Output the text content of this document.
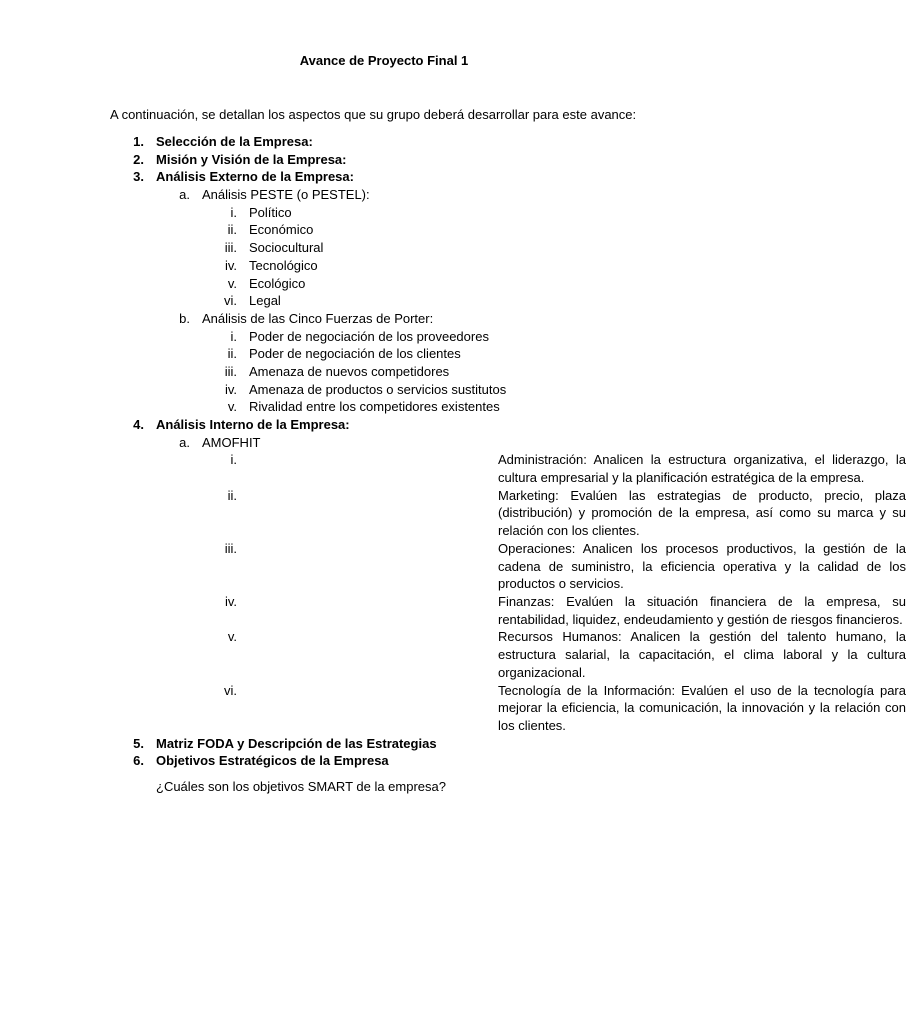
Avance de Proyecto Final 1
A continuación, se detallan los aspectos que su grupo deberá desarrollar para este avance:
1. Selección de la Empresa:
2. Misión y Visión de la Empresa:
3. Análisis Externo de la Empresa:
a. Análisis PESTE (o PESTEL):
i. Político
ii. Económico
iii. Sociocultural
iv. Tecnológico
v. Ecológico
vi. Legal
b. Análisis de las Cinco Fuerzas de Porter:
i. Poder de negociación de los proveedores
ii. Poder de negociación de los clientes
iii. Amenaza de nuevos competidores
iv. Amenaza de productos o servicios sustitutos
v. Rivalidad entre los competidores existentes
4. Análisis Interno de la Empresa:
a. AMOFHIT
i.	Administración: Analicen la estructura organizativa, el liderazgo, la cultura empresarial y la planificación estratégica de la empresa.
ii.	Marketing: Evalúen las estrategias de producto, precio, plaza (distribución) y promoción de la empresa, así como su marca y su relación con los clientes.
iii.	Operaciones: Analicen los procesos productivos, la gestión de la cadena de suministro, la eficiencia operativa y la calidad de los productos o servicios.
iv.	Finanzas: Evalúen la situación financiera de la empresa, su rentabilidad, liquidez, endeudamiento y gestión de riesgos financieros.
v.	Recursos Humanos: Analicen la gestión del talento humano, la estructura salarial, la capacitación, el clima laboral y la cultura organizacional.
vi.	Tecnología de la Información: Evalúen el uso de la tecnología para mejorar la eficiencia, la comunicación, la innovación y la relación con los clientes.
5. Matriz FODA y Descripción de las Estrategias
6. Objetivos Estratégicos de la Empresa
¿Cuáles son los objetivos SMART de la empresa?
